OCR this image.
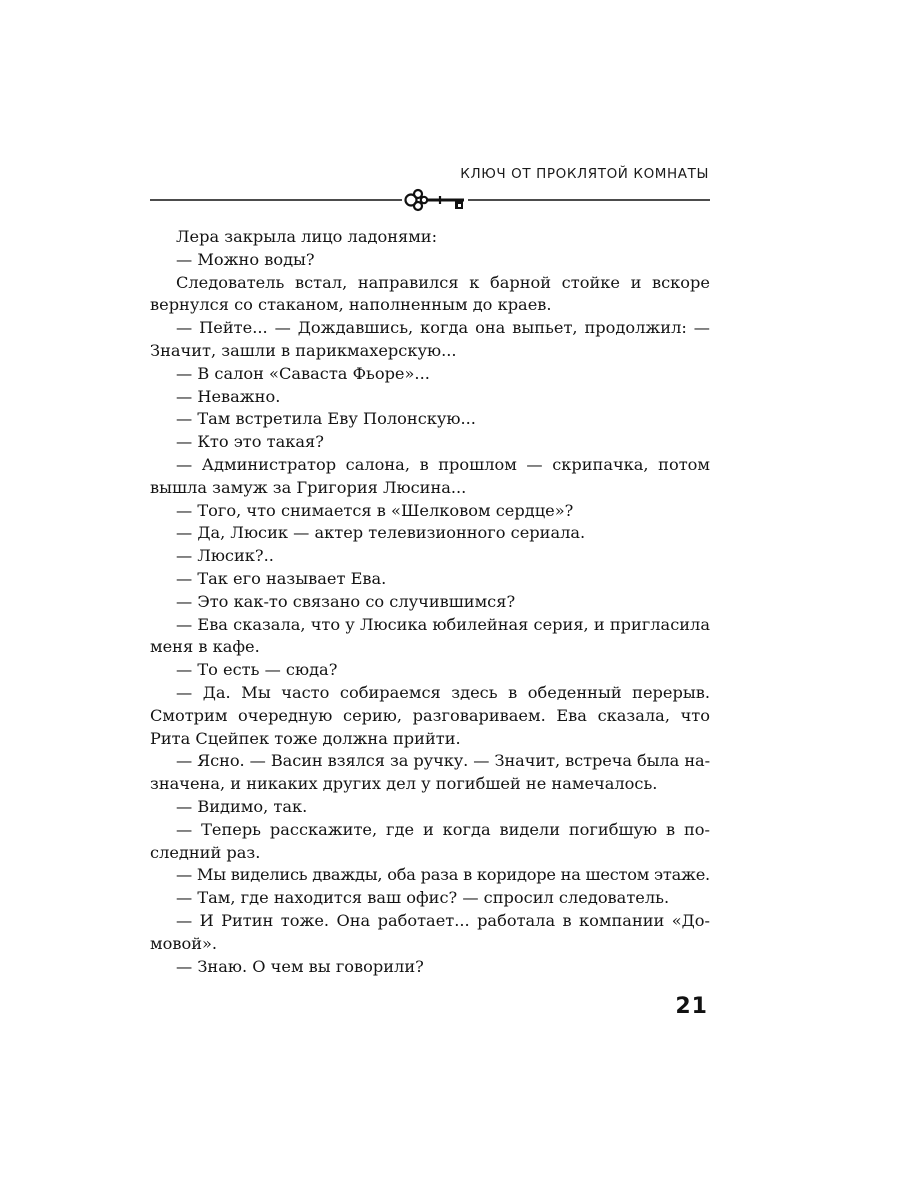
КЛЮЧ ОТ ПРОКЛЯТОЙ КОМНАТЫ

Лера закрыла лицо ладонями:

— Можно воды?

Следователь встал, направился к барной стойке и вскоре
вернулся со стаканом, наполненным до краев.

— Пейте... — Дождавшись, когда она выпьет, продолжил: —
Значит, зашли в парикмахерскую...

— В салон «Саваста Фьоре»...

— Неважно.

— Там встретила Еву Полонскую...

— Кто это такая?

— Администратор салона, в прошлом — скрипачка, потом
вышла замуж за Григория Люсина...

— Того, что снимается в «Шелковом сердце»?

— Да, Люсик — актер телевизионного сериала.

— Люсик?..

— Так его называет Ева.

— Это как-то связано со случившимся?

— Ева сказала, что у Люсика юбилейная серия, и пригласила
меня в кафе.

— То есть — сюда?

— Да. Мы часто собираемся здесь в обеденный перерыв.
Смотрим очередную серию, разговариваем. Ева сказала, что
Рита Сцейпек тоже должна прийти.

— Ясно. — Васин взялся за ручку. — Значит, встреча была на-
значена, и никаких других дел у погибшей не намечалось.

— Видимо, так.

— Теперь расскажите, где и когда видели погибшую в по-
следний раз.

— Мы виделись дважды, оба раза в коридоре на шестом этаже.

— Там, где находится ваш офис? — спросил следователь.

— И Ритин тоже. Она работает... работала в компании «До-
мовой».

— Знаю. О чем вы говорили?

21
